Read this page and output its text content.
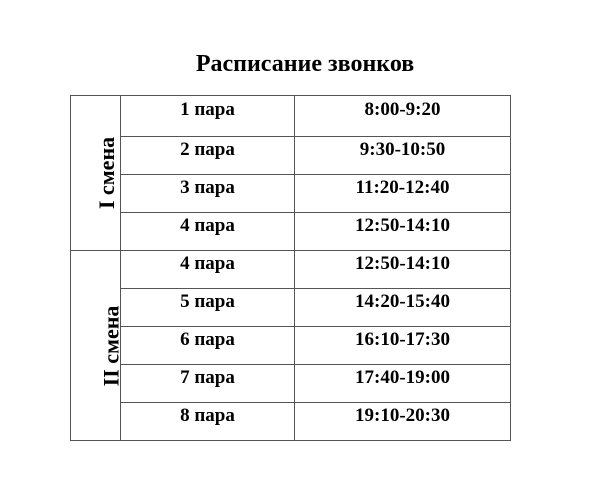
Расписание звонков
I смена	1 пара	8:00-9:20

	2 пара	9:30-10:50

	3 пара	11:20-12:40

	4 пара	12:50-14:10

II смена	4 пара	12:50-14:10

	5 пара	14:20-15:40

	6 пара	16:10-17:30

	7 пара	17:40-19:00

	8 пара	19:10-20:30
